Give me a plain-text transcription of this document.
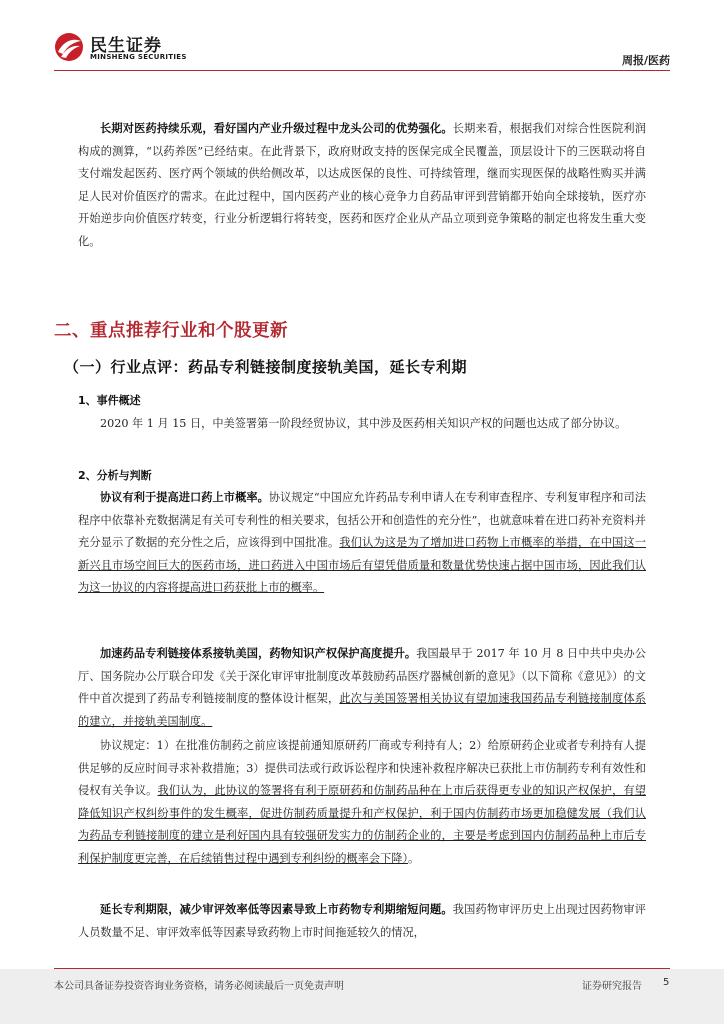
民生证券
MINSHENG SECURITIES	周报/医药

长期对医药持续乐观，看好国内产业升级过程中龙头公司的优势强化。长期来看，根据我们对综合性医院利润构成的测算，“以药养医”已经结束。在此背景下，政府财政支持的医保完成全民覆盖，顶层设计下的三医联动将自支付端发起医药、医疗两个领域的供给侧改革，以达成医保的良性、可持续管理，继而实现医保的战略性购买并满足人民对价值医疗的需求。在此过程中，国内医药产业的核心竞争力自药品审评到营销都开始向全球接轨，医疗亦开始逆步向价值医疗转变，行业分析逻辑行将转变，医药和医疗企业从产品立项到竞争策略的制定也将发生重大变化。

二、重点推荐行业和个股更新
（一）行业点评：药品专利链接制度接轨美国，延长专利期
1、事件概述

2020 年 1 月 15 日，中美签署第一阶段经贸协议，其中涉及医药相关知识产权的问题也达成了部分协议。

2、分析与判断

协议有利于提高进口药上市概率。协议规定“中国应允许药品专利申请人在专利审查程序、专利复审程序和司法程序中依靠补充数据满足有关可专利性的相关要求，包括公开和创造性的充分性”，也就意味着在进口药补充资料并充分显示了数据的充分性之后，应该得到中国批准。我们认为这是为了增加进口药物上市概率的举措，在中国这一新兴且市场空间巨大的医药市场，进口药进入中国市场后有望凭借质量和数量优势快速占据中国市场，因此我们认为这一协议的内容将提高进口药获批上市的概率。

加速药品专利链接体系接轨美国，药物知识产权保护高度提升。我国最早于 2017 年 10 月 8 日中共中央办公厅、国务院办公厅联合印发《关于深化审评审批制度改革鼓励药品医疗器械创新的意见》（以下简称《意见》）的文件中首次提到了药品专利链接制度的整体设计框架，此次与美国签署相关协议有望加速我国药品专利链接制度体系的建立，并接轨美国制度。

协议规定：1）在批准仿制药之前应该提前通知原研药厂商或专利持有人；2）给原研药企业或者专利持有人提供足够的反应时间寻求补救措施；3）提供司法或行政诉讼程序和快速补救程序解决已获批上市仿制药专利有效性和侵权有关争议。我们认为，此协议的签署将有利于原研药和仿制药品种在上市后获得更专业的知识产权保护，有望降低知识产权纠纷事件的发生概率，促进仿制药质量提升和产权保护，利于国内仿制药市场更加稳健发展（我们认为药品专利链接制度的建立是利好国内具有较强研发实力的仿制药企业的，主要是考虑到国内仿制药品种上市后专利保护制度更完善，在后续销售过程中遇到专利纠纷的概率会下降）。

延长专利期限，减少审评效率低等因素导致上市药物专利期缩短问题。我国药物审评历史上出现过因药物审评人员数量不足、审评效率低等因素导致药物上市时间拖延较久的情况，

本公司具备证券投资咨询业务资格，请务必阅读最后一页免责声明	证券研究报告 5
